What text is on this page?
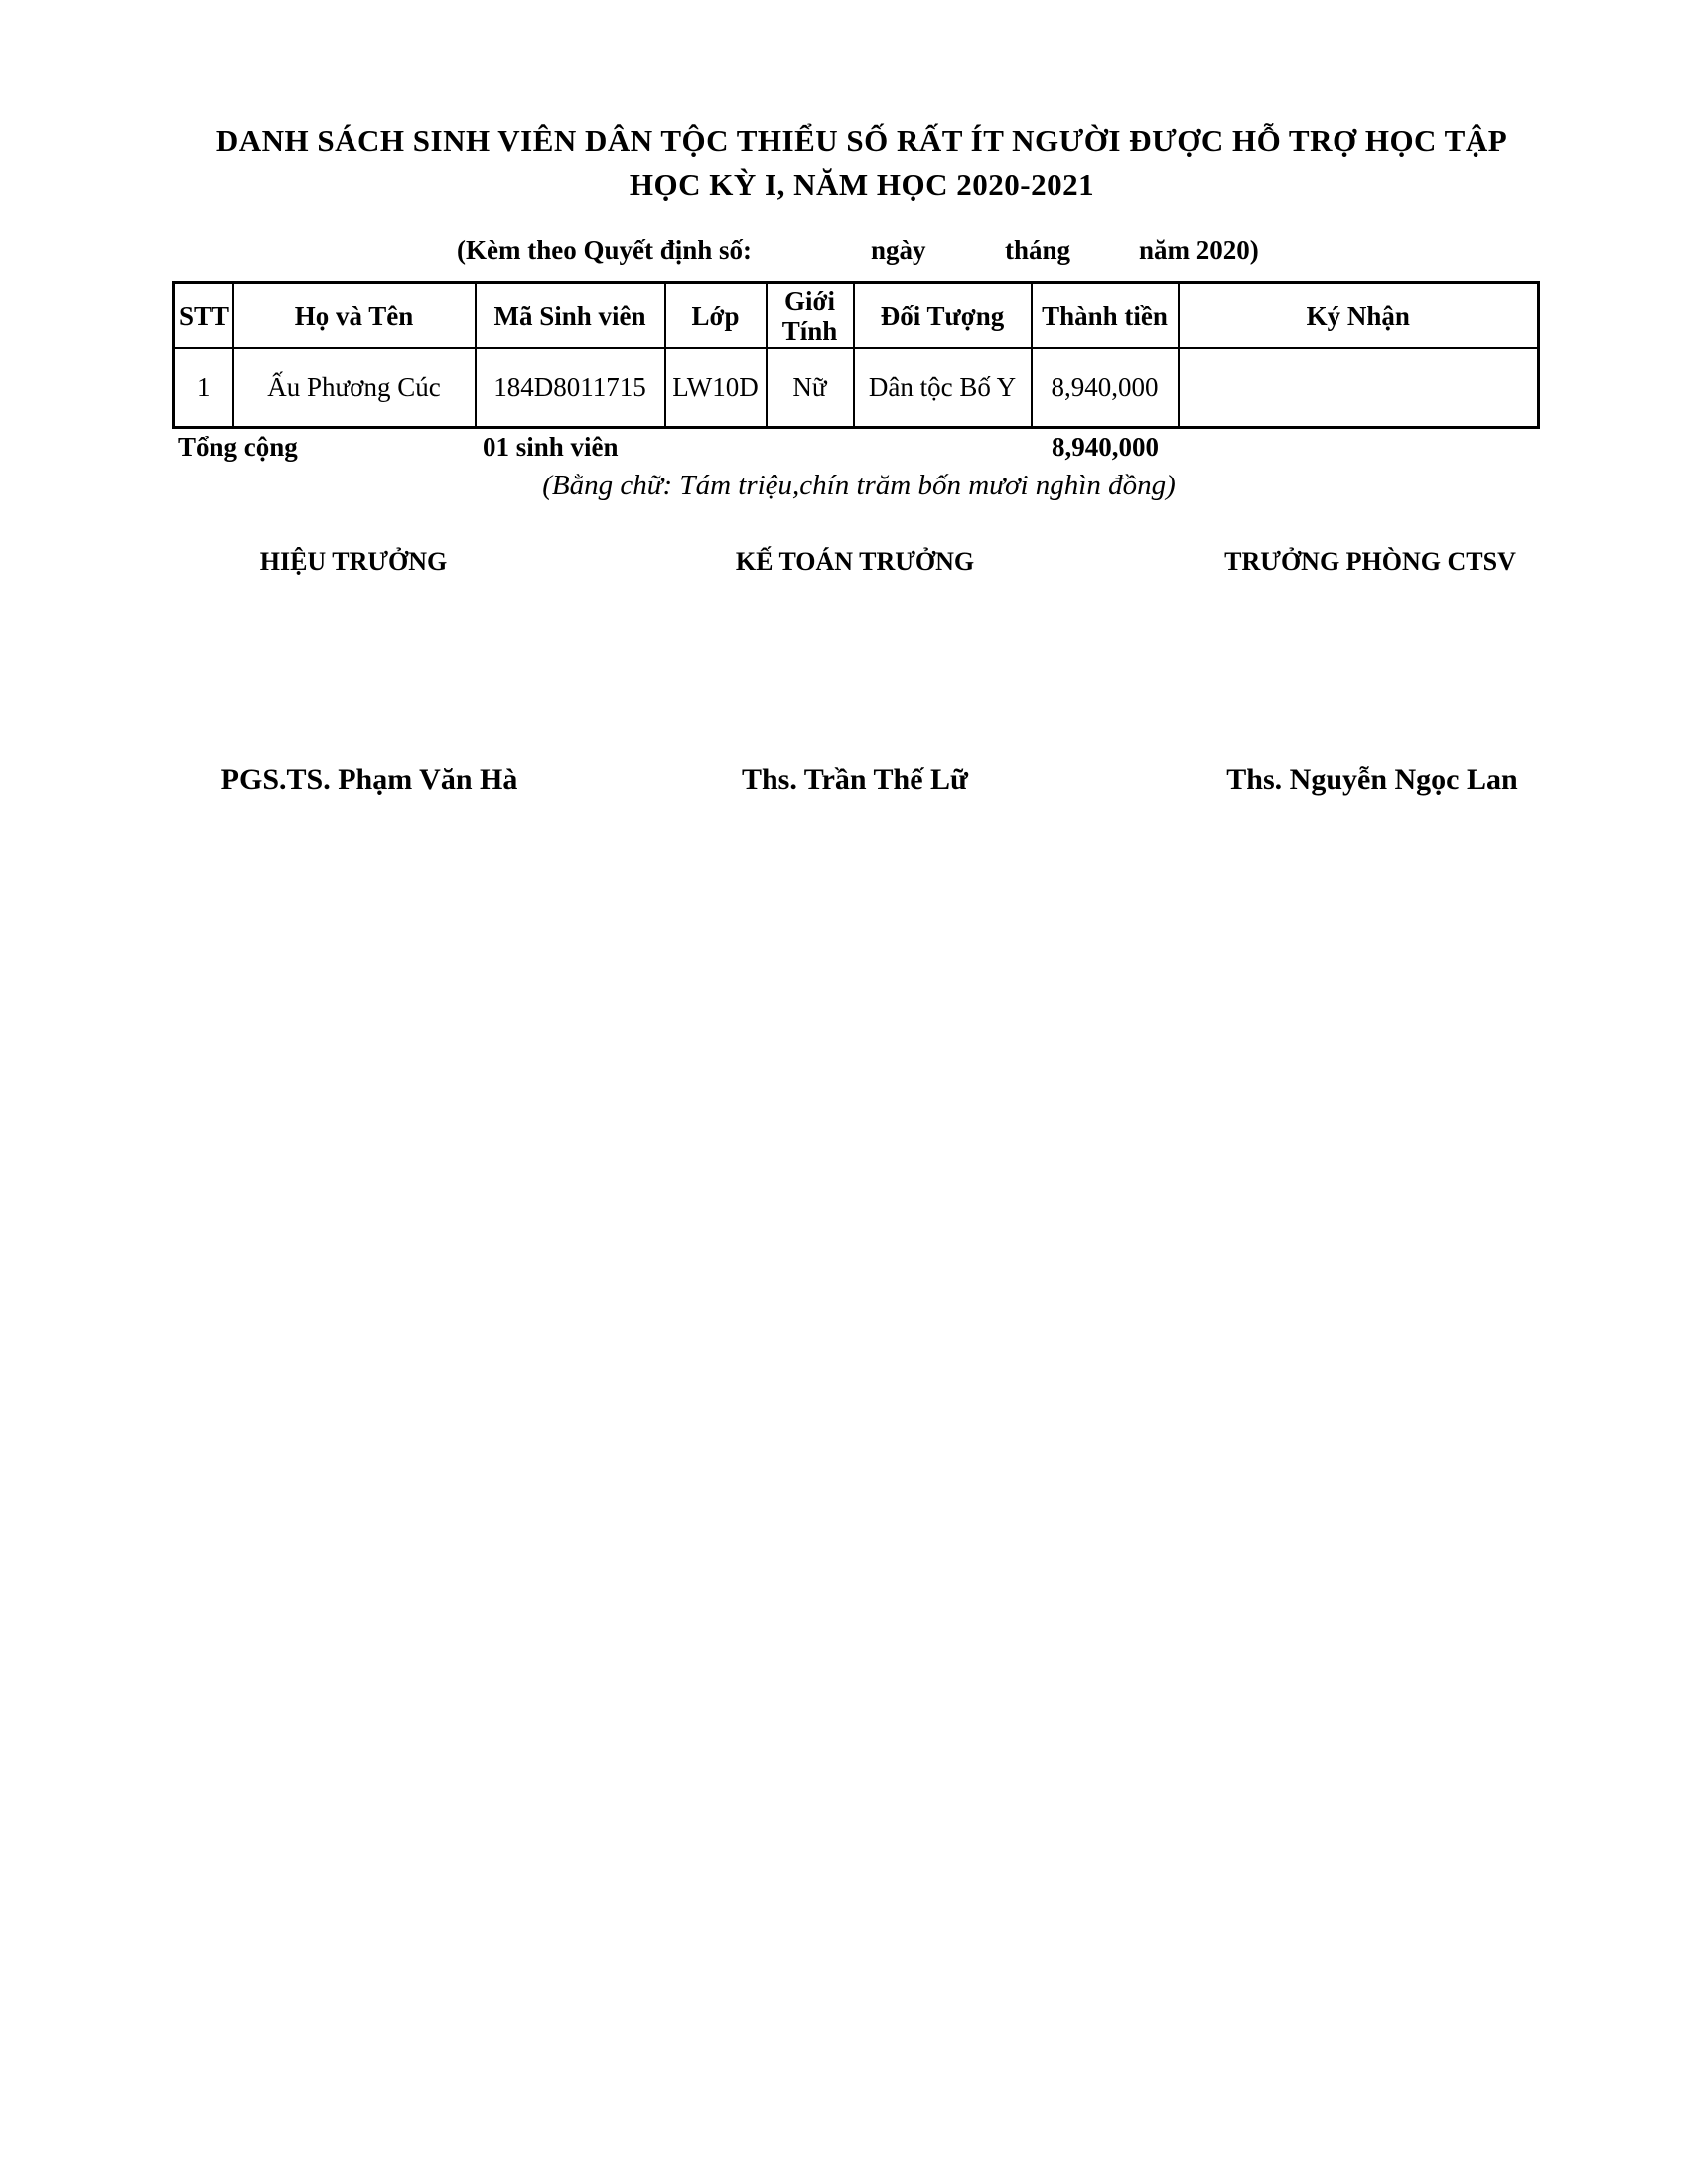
DANH SÁCH SINH VIÊN DÂN TỘC THIỂU SỐ RẤT ÍT NGƯỜI ĐƯỢC HỖ TRỢ HỌC TẬP
HỌC KỲ I, NĂM HỌC 2020-2021
(Kèm theo Quyết định số:	ngày	tháng	năm 2020)
STT	Họ và Tên	Mã Sinh viên	Lớp	Giới Tính	Đối Tượng	Thành tiền	Ký Nhận
1	Ấu Phương Cúc	184D8011715	LW10D	Nữ	Dân tộc Bố Y	8,940,000	
Tổng cộng	01 sinh viên	8,940,000
(Bằng chữ: Tám triệu,chín trăm bốn mươi nghìn đồng)
HIỆU TRƯỞNG	KẾ TOÁN TRƯỞNG	TRƯỞNG PHÒNG CTSV
PGS.TS. Phạm Văn Hà	Ths. Trần Thế Lữ	Ths. Nguyễn Ngọc Lan
